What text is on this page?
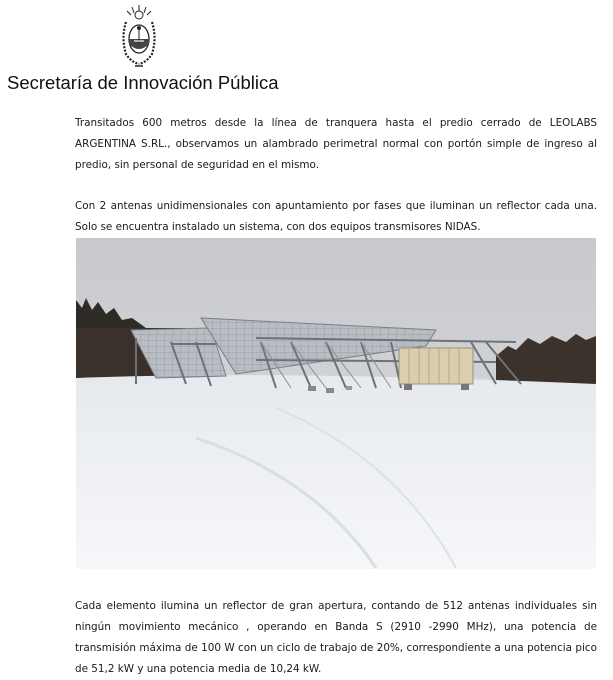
Secretaría de Innovación Pública

Transitados 600 metros desde la línea de tranquera hasta el predio cerrado de LEOLABS ARGENTINA S.RL., observamos un alambrado perimetral normal con portón simple de ingreso al predio, sin personal de seguridad en el mismo.

Con 2 antenas unidimensionales con apuntamiento por fases que iluminan un reflector cada una. Solo se encuentra instalado un sistema, con dos equipos transmisores NIDAS.

Cada elemento ilumina un reflector de gran apertura, contando de 512 antenas individuales sin ningún movimiento mecánico , operando en Banda S (2910 -2990 MHz), una potencia de transmisión máxima de 100 W con un ciclo de trabajo de 20%, correspondiente a una potencia pico de 51,2 kW y una potencia media de 10,24 kW.
